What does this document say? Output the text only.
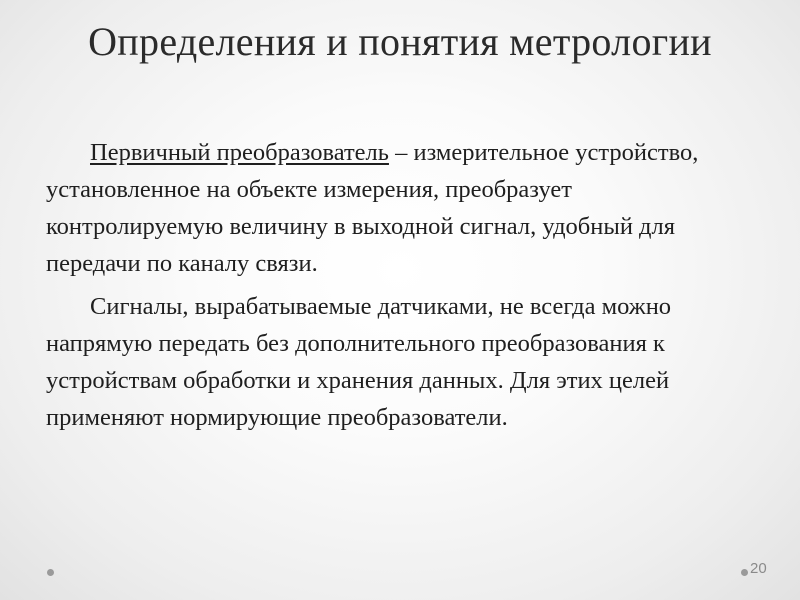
Определения и понятия метрологии

Первичный преобразователь – измерительное устройство, установленное на объекте измерения, преобразует контролируемую величину в выходной сигнал, удобный для передачи по каналу связи.

Сигналы, вырабатываемые датчиками, не всегда можно напрямую передать без дополнительного преобразования к устройствам обработки и хранения данных. Для этих целей применяют нормирующие преобразователи.

20
